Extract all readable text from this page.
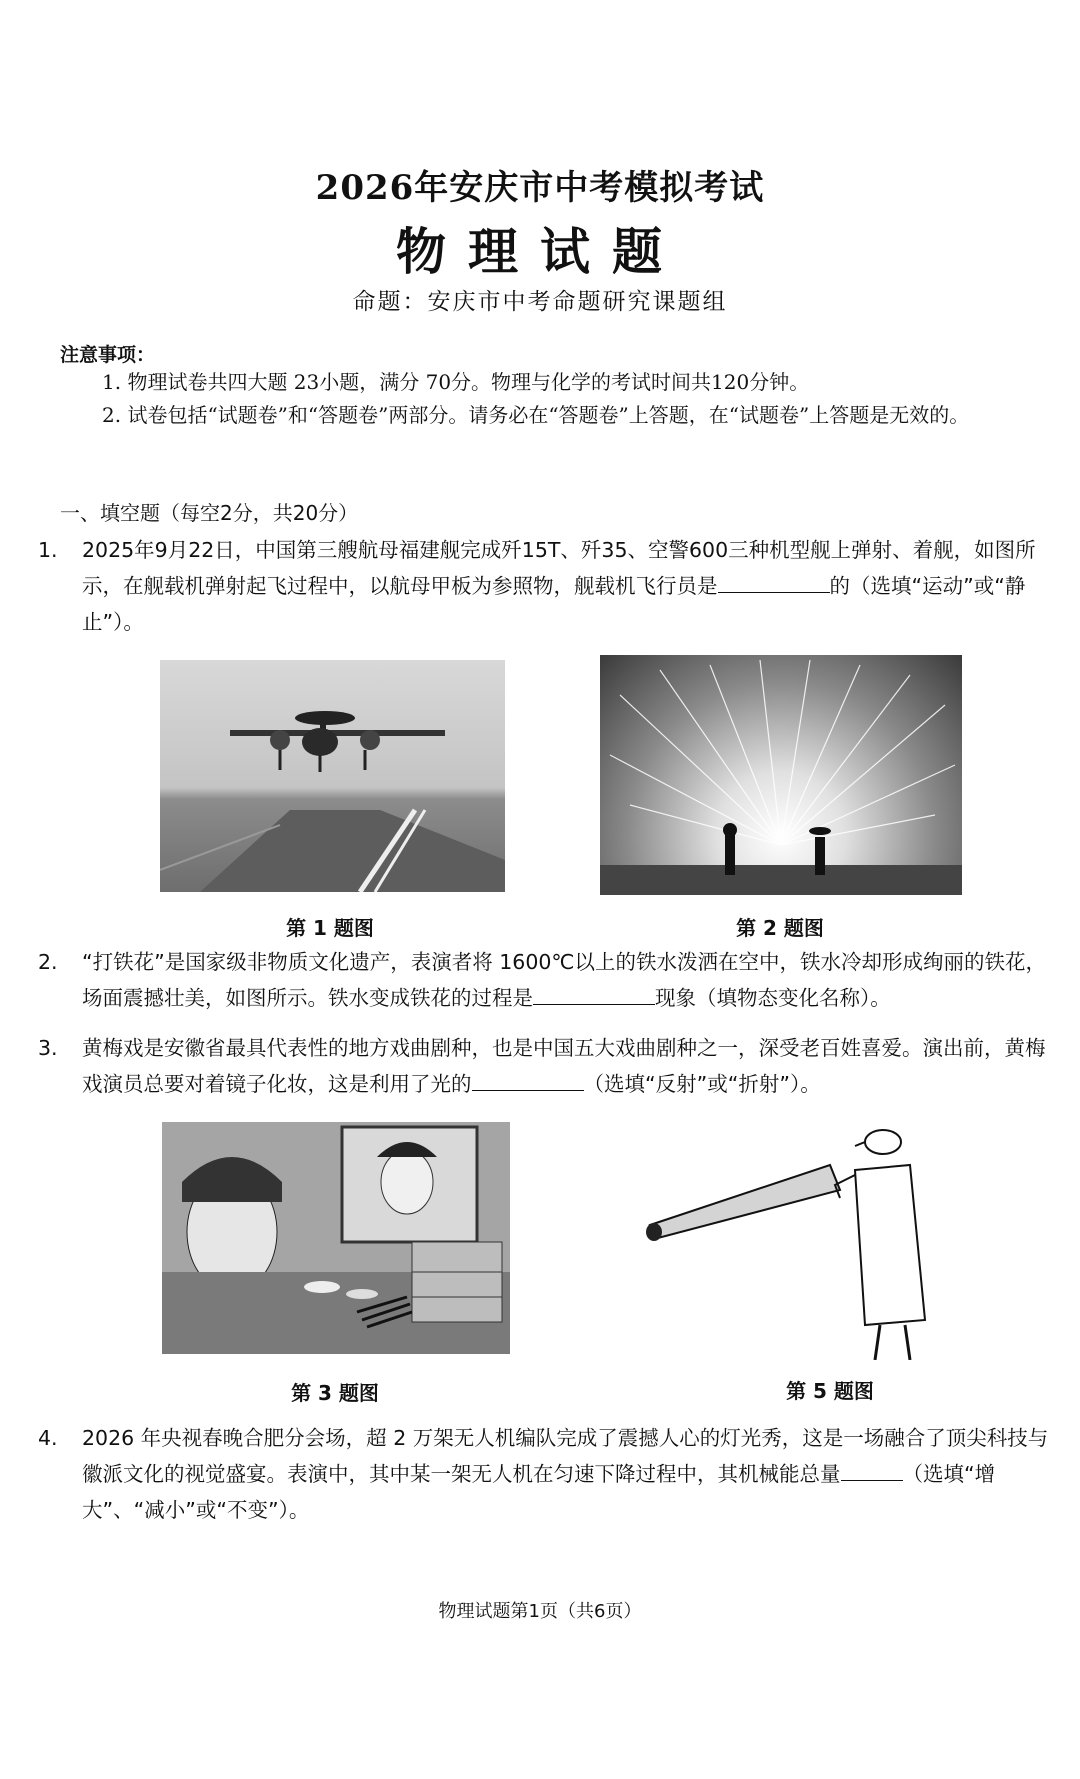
2026年安庆市中考模拟考试
物理试题
命题：安庆市中考命题研究课题组
注意事项：
1. 物理试卷共四大题 23小题，满分 70分。物理与化学的考试时间共120分钟。
2. 试卷包括“试题卷”和“答题卷”两部分。请务必在“答题卷”上答题，在“试题卷”上答题是无效的。
一、填空题（每空2分，共20分）
1. 2025年9月22日，中国第三艘航母福建舰完成歼15T、歼35、空警600三种机型舰上弹射、着舰，如图所示，在舰载机弹射起飞过程中，以航母甲板为参照物，舰载机飞行员是	的（选填“运动”或“静止”）。
第 1 题图	第 2 题图
2. “打铁花”是国家级非物质文化遗产，表演者将 1600℃以上的铁水泼洒在空中，铁水冷却形成绚丽的铁花，场面震撼壮美，如图所示。铁水变成铁花的过程是	现象（填物态变化名称）。
3. 黄梅戏是安徽省最具代表性的地方戏曲剧种，也是中国五大戏曲剧种之一，深受老百姓喜爱。演出前，黄梅戏演员总要对着镜子化妆，这是利用了光的	（选填“反射”或“折射”）。
第 3 题图	第 5 题图
4. 2026 年央视春晚合肥分会场，超 2 万架无人机编队完成了震撼人心的灯光秀，这是一场融合了顶尖科技与徽派文化的视觉盛宴。表演中，其中某一架无人机在匀速下降过程中，其机械能总量	（选填“增大”、“减小”或“不变”）。
物理试题第1页（共6页）
